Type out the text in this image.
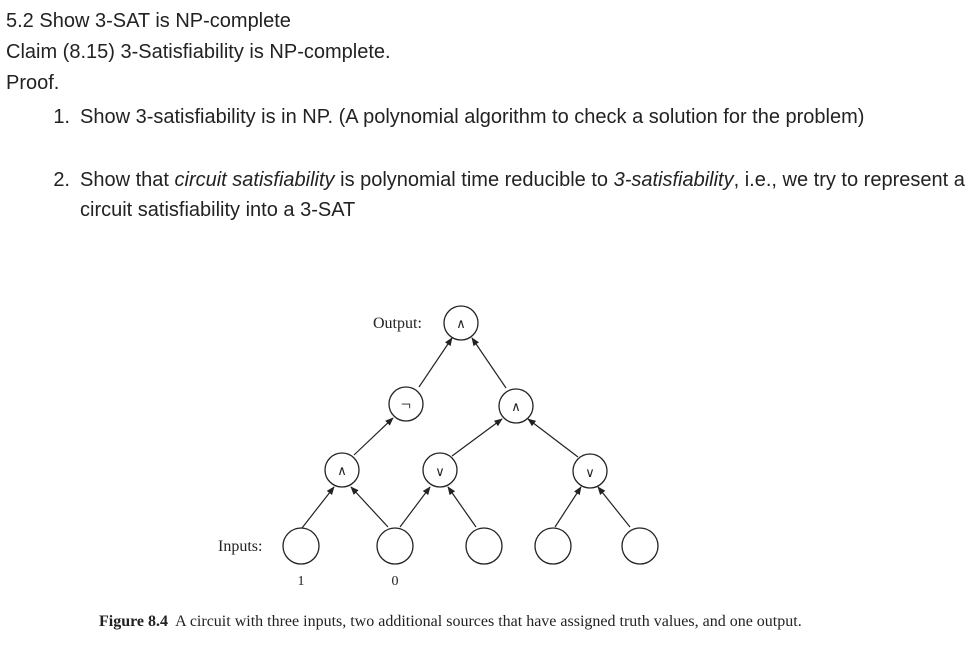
5.2 Show 3-SAT is NP-complete
Claim (8.15) 3-Satisfiability is NP-complete.
Proof.
1. Show 3-satisfiability is in NP. (A polynomial algorithm to check a solution for the problem)
2. Show that circuit satisfiability is polynomial time reducible to 3-satisfiability, i.e., we try to represent a circuit satisfiability into a 3-SAT
∧
¬	∧
∧	∨	∨
Output:
Inputs:
1	0
Figure 8.4 A circuit with three inputs, two additional sources that have assigned truth values, and one output.
